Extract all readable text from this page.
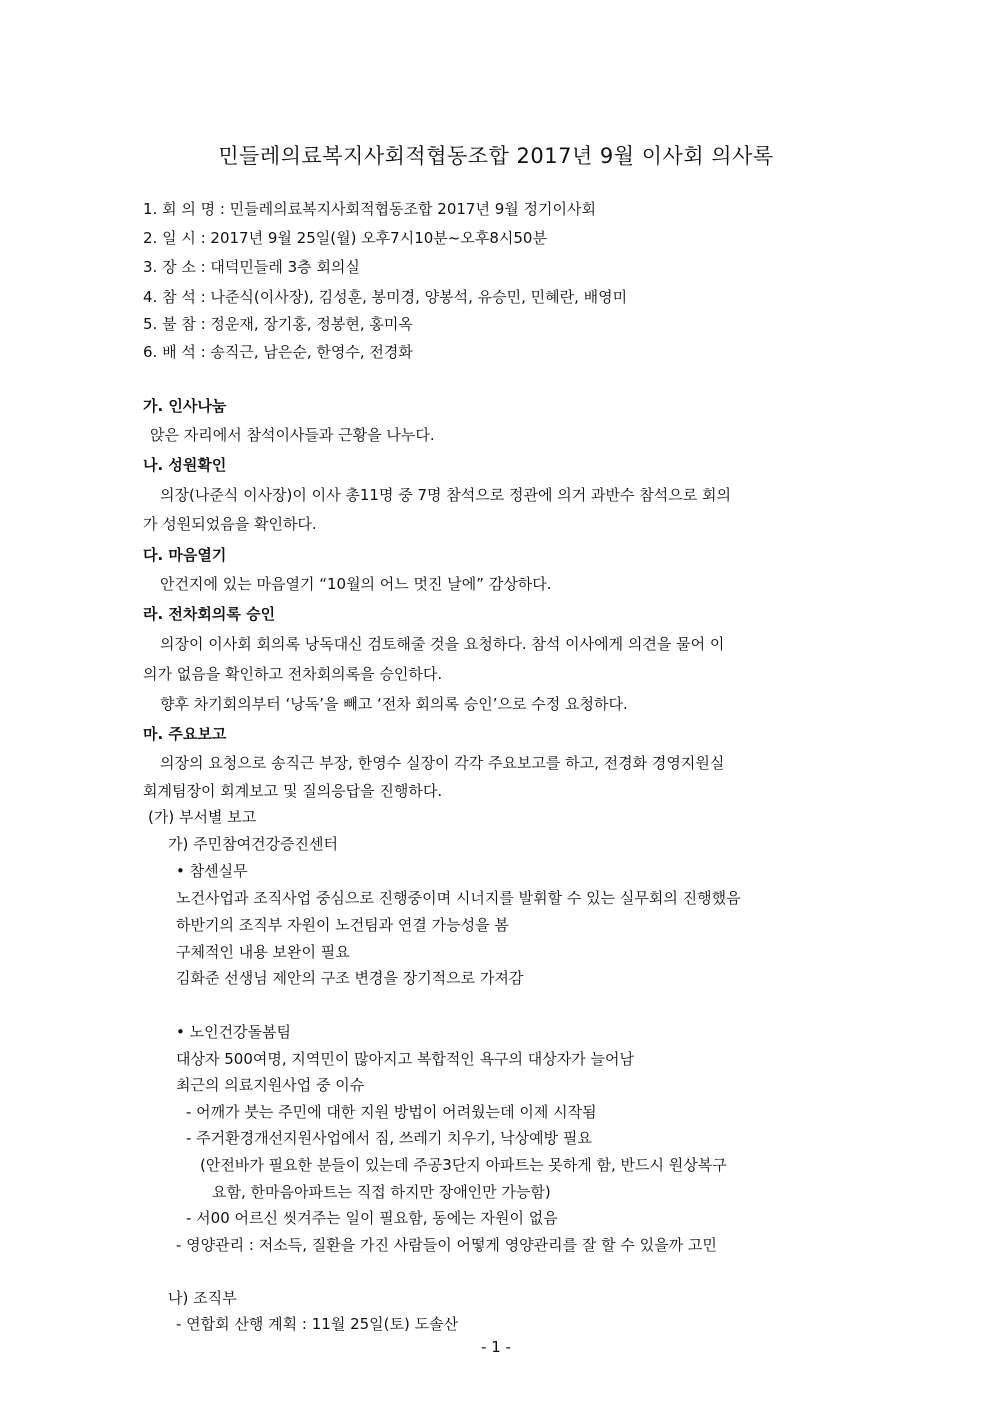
민들레의료복지사회적협동조합 2017년 9월 이사회 의사록
1. 회 의 명 : 민들레의료복지사회적협동조합 2017년 9월 정기이사회
2. 일 시 : 2017년 9월 25일(월) 오후7시10분~오후8시50분
3. 장 소 : 대덕민들레 3층 회의실
4. 참 석 : 나준식(이사장), 김성훈, 봉미경, 양봉석, 유승민, 민혜란, 배영미
5. 불 참 : 정운재, 장기홍, 정봉현, 홍미옥
6. 배 석 : 송직근, 남은순, 한영수, 전경화
가. 인사나눔
앉은 자리에서 참석이사들과 근황을 나누다.
나. 성원확인
의장(나준식 이사장)이 이사 총11명 중 7명 참석으로 정관에 의거 과반수 참석으로 회의
가 성원되었음을 확인하다.
다. 마음열기
안건지에 있는 마음열기 “10월의 어느 멋진 날에” 감상하다.
라. 전차회의록 승인
의장이 이사회 회의록 낭독대신 검토해줄 것을 요청하다. 참석 이사에게 의견을 물어 이
의가 없음을 확인하고 전차회의록을 승인하다.
향후 차기회의부터 ‘낭독’을 빼고 ‘전차 회의록 승인’으로 수정 요청하다.
마. 주요보고
의장의 요청으로 송직근 부장, 한영수 실장이 각각 주요보고를 하고, 전경화 경영지원실
회계팀장이 회계보고 및 질의응답을 진행하다.
(가) 부서별 보고
가) 주민참여건강증진센터
• 참센실무
노건사업과 조직사업 중심으로 진행중이며 시너지를 발휘할 수 있는 실무회의 진행했음
하반기의 조직부 자원이 노건팀과 연결 가능성을 봄
구체적인 내용 보완이 필요
김화준 선생님 제안의 구조 변경을 장기적으로 가져감
• 노인건강돌봄팀
대상자 500여명, 지역민이 많아지고 복합적인 욕구의 대상자가 늘어남
최근의 의료지원사업 중 이슈
- 어깨가 붓는 주민에 대한 지원 방법이 어려웠는데 이제 시작됨
- 주거환경개선지원사업에서 짐, 쓰레기 치우기, 낙상예방 필요
(안전바가 필요한 분들이 있는데 주공3단지 아파트는 못하게 함, 반드시 원상복구
요함, 한마음아파트는 직접 하지만 장애인만 가능함)
- 서00 어르신 씻겨주는 일이 필요함, 동에는 자원이 없음
- 영양관리 : 저소득, 질환을 가진 사람들이 어떻게 영양관리를 잘 할 수 있을까 고민
나) 조직부
- 연합회 산행 계획 : 11월 25일(토) 도솔산
- 1 -
